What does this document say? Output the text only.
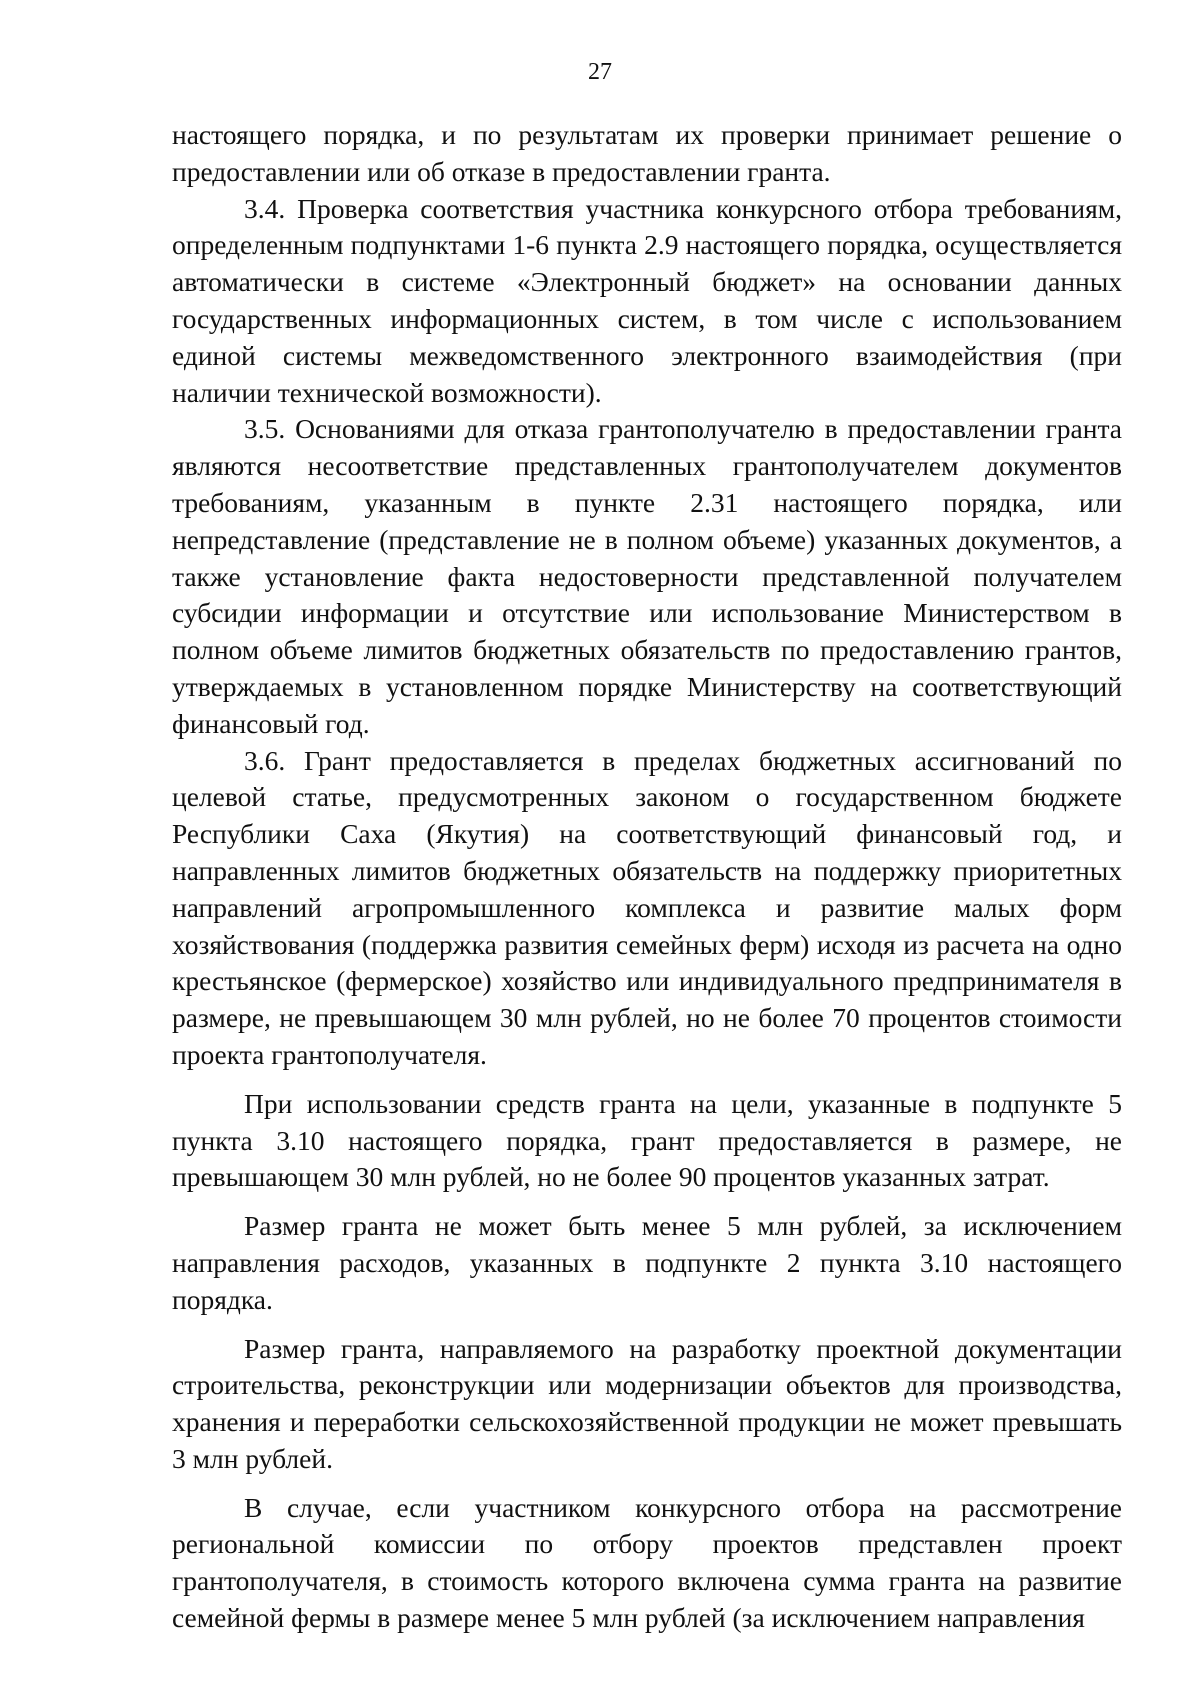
27

настоящего порядка, и по результатам их проверки принимает решение о предоставлении или об отказе в предоставлении гранта.

3.4. Проверка соответствия участника конкурсного отбора требованиям, определенным подпунктами 1-6 пункта 2.9 настоящего порядка, осуществляется автоматически в системе «Электронный бюджет» на основании данных государственных информационных систем, в том числе с использованием единой системы межведомственного электронного взаимодействия (при наличии технической возможности).

3.5. Основаниями для отказа грантополучателю в предоставлении гранта являются несоответствие представленных грантополучателем документов требованиям, указанным в пункте 2.31 настоящего порядка, или непредставление (представление не в полном объеме) указанных документов, а также установление факта недостоверности представленной получателем субсидии информации и отсутствие или использование Министерством в полном объеме лимитов бюджетных обязательств по предоставлению грантов, утверждаемых в установленном порядке Министерству на соответствующий финансовый год.

3.6. Грант предоставляется в пределах бюджетных ассигнований по целевой статье, предусмотренных законом о государственном бюджете Республики Саха (Якутия) на соответствующий финансовый год, и направленных лимитов бюджетных обязательств на поддержку приоритетных направлений агропромышленного комплекса и развитие малых форм хозяйствования (поддержка развития семейных ферм) исходя из расчета на одно крестьянское (фермерское) хозяйство или индивидуального предпринимателя в размере, не превышающем 30 млн рублей, но не более 70 процентов стоимости проекта грантополучателя.

При использовании средств гранта на цели, указанные в подпункте 5 пункта 3.10 настоящего порядка, грант предоставляется в размере, не превышающем 30 млн рублей, но не более 90 процентов указанных затрат.

Размер гранта не может быть менее 5 млн рублей, за исключением направления расходов, указанных в подпункте 2 пункта 3.10 настоящего порядка.

Размер гранта, направляемого на разработку проектной документации строительства, реконструкции или модернизации объектов для производства, хранения и переработки сельскохозяйственной продукции не может превышать 3 млн рублей.

В случае, если участником конкурсного отбора на рассмотрение региональной комиссии по отбору проектов представлен проект грантополучателя, в стоимость которого включена сумма гранта на развитие семейной фермы в размере менее 5 млн рублей (за исключением направления
